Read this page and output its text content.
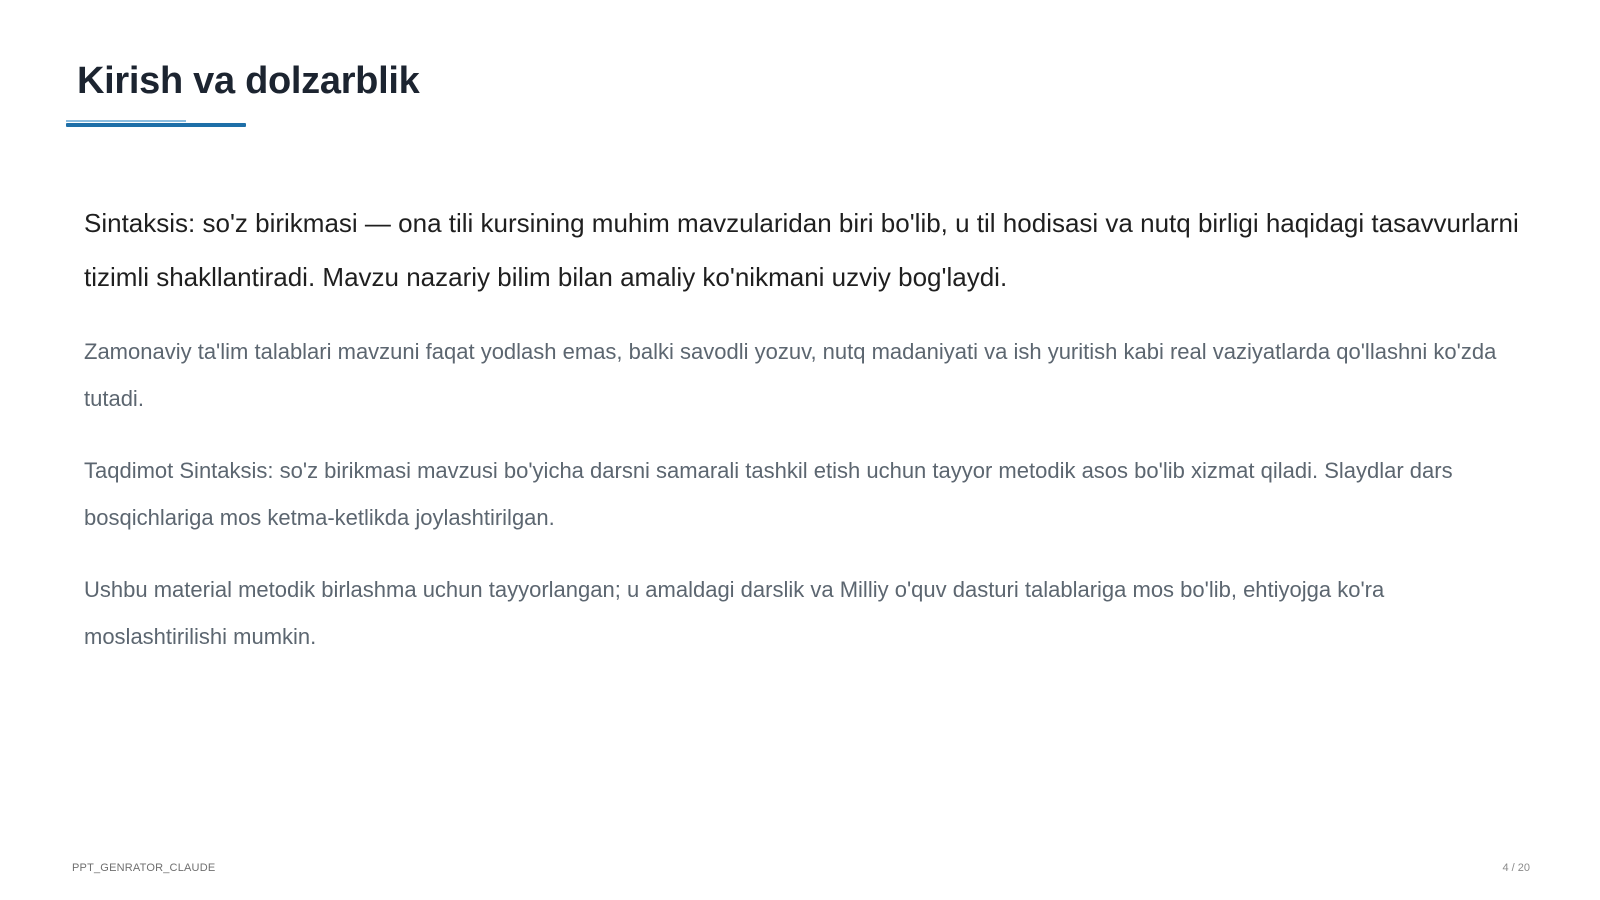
Kirish va dolzarblik

Sintaksis: so'z birikmasi — ona tili kursining muhim mavzularidan biri bo'lib, u til hodisasi va nutq birligi haqidagi tasavvurlarni tizimli shakllantiradi. Mavzu nazariy bilim bilan amaliy ko'nikmani uzviy bog'laydi.

Zamonaviy ta'lim talablari mavzuni faqat yodlash emas, balki savodli yozuv, nutq madaniyati va ish yuritish kabi real vaziyatlarda qo'llashni ko'zda tutadi.

Taqdimot Sintaksis: so'z birikmasi mavzusi bo'yicha darsni samarali tashkil etish uchun tayyor metodik asos bo'lib xizmat qiladi. Slaydlar dars bosqichlariga mos ketma-ketlikda joylashtirilgan.

Ushbu material metodik birlashma uchun tayyorlangan; u amaldagi darslik va Milliy o'quv dasturi talablariga mos bo'lib, ehtiyojga ko'ra moslashtirilishi mumkin.

PPT_GENRATOR_CLAUDE	4 / 20
